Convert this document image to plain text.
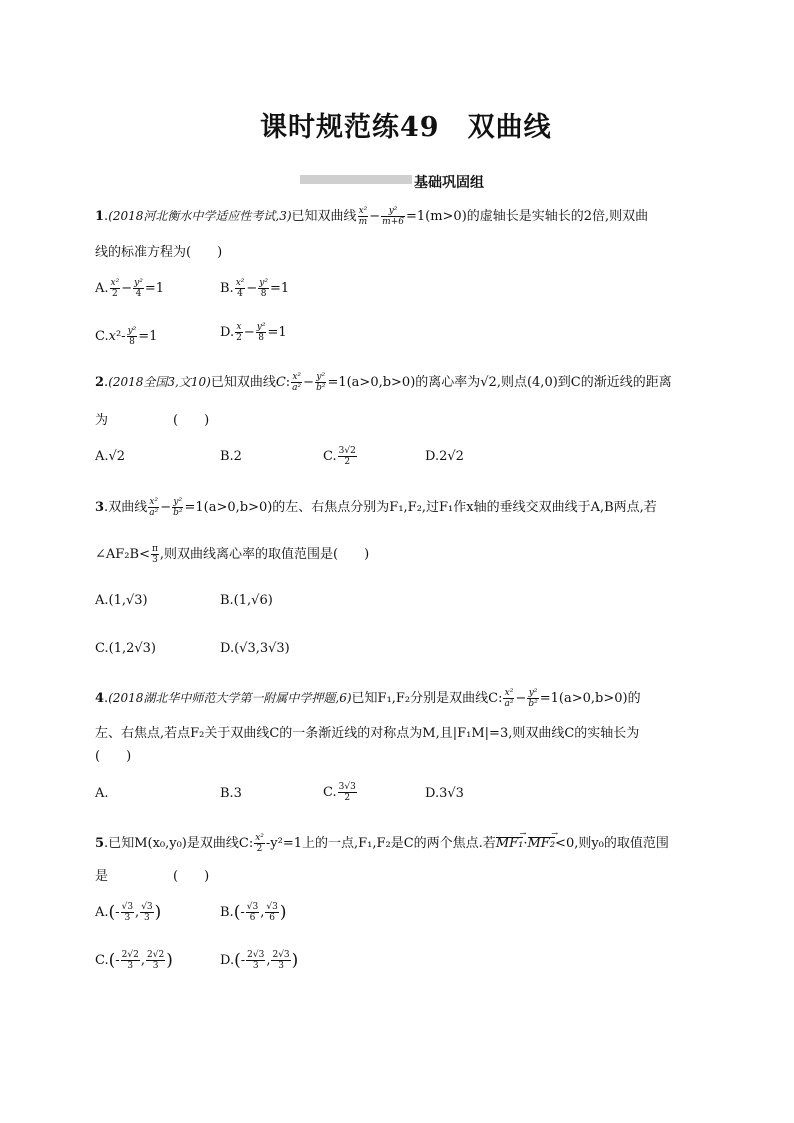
课时规范练49　双曲线
基础巩固组
1.(2018河北衡水中学适应性考试,3)已知双曲线 $\frac{\text{x²}}{m} - \frac{\text{y²}}{m+6} =1(m>0)$的虚轴长是实轴长的2倍,则双曲
线的标准方程为(　　)
A. $\frac{\text{x²}}{2} - \frac{\text{y²}}{4} =1$	B. $\frac{\text{x²}}{4} - \frac{\text{y²}}{8} =1$
$C.x^2- \frac{\text{y²}}{8} =1$	D. $\frac{x}{2} - \frac{\text{y²}}{8} =1$
2.(2018全国3,文10)已知双曲线C: $\frac{\text{x²}}{\text{a²}} - \frac{\text{y²}}{\text{b²}} =1(a>0,b>0)$的离心率为√2,则点(4,0)到C的渐近线的距离
为　　　　　(　　)
A.√2	B.2	C. $\frac{3√2}{2}$	D.2√2
3.双曲线 $\frac{\text{x²}}{\text{a²}} - \frac{\text{y²}}{\text{b²}} =1(a>0,b>0)$的左、右焦点分别为F₁,F₂,过F₁作x轴的垂线交双曲线于A,B两点,若
∠AF₂B< $\frac{\pi}{3}$ ,则双曲线离心率的取值范围是(　　)
A.(1,√3)	B.(1,√6)
C.(1,2√3)	D.(√3,3√3)
4.(2018湖北华中师范大学第一附属中学押题,6)已知F₁,F₂分别是双曲线C: $\frac{\text{x²}}{\text{a²}} - \frac{\text{y²}}{\text{b²}} =1(a>0,b>0)$的
左、右焦点,若点F₂关于双曲线C的一条渐近线的对称点为M,且|F₁M|=3,则双曲线C的实轴长为
(　　)
A.	B.3	C. $\frac{3√3}{2}$	D.3√3
5.已知M(x₀,y₀)是双曲线C: $\frac{\text{x²}}{2} -y^2=1$上的一点,F₁,F₂是C的两个焦点.若MF₁ →·MF₂ →<0,则y₀的取值范围
是　　　　　(　　)
$A.(- \frac{√3}{3}$ , $\frac{√3}{3}$ )	$B.(- \frac{√3}{6}$ , $\frac{√3}{6}$ )
$C.(- \frac{2√2}{3}$ , $\frac{2√2}{3}$ )	$D.(- \frac{2√3}{3}$ , $\frac{2√3}{3}$ )
